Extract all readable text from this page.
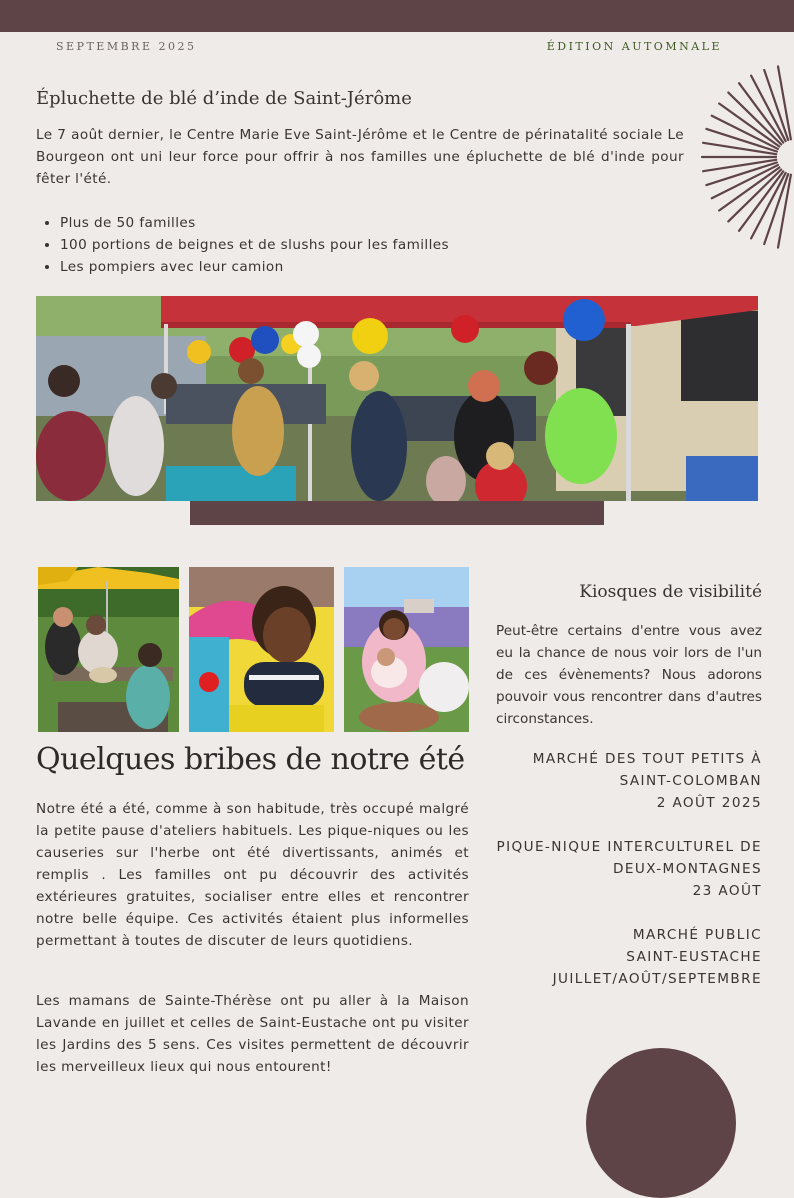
SEPTEMBRE 2025	ÉDITION AUTOMNALE
Épluchette de blé d’inde de Saint-Jérôme

Le 7 août dernier, le Centre Marie Eve Saint-Jérôme et le Centre de périnatalité sociale Le Bourgeon ont uni leur force pour offrir à nos familles une épluchette de blé d'inde pour fêter l'été.

• Plus de 50 familles
• 100 portions de beignes et de slushs pour les familles
• Les pompiers avec leur camion
Quelques bribes de notre été

Notre été a été, comme à son habitude, très occupé malgré la petite pause d'ateliers habituels. Les pique-niques ou les causeries sur l'herbe ont été divertissants, animés et remplis . Les familles ont pu découvrir des activités extérieures gratuites, socialiser entre elles et rencontrer notre belle équipe. Ces activités étaient plus informelles permettant à toutes de discuter de leurs quotidiens.

Les mamans de Sainte-Thérèse ont pu aller à la Maison Lavande en juillet et celles de Saint-Eustache ont pu visiter les Jardins des 5 sens. Ces visites permettent de découvrir les merveilleux lieux qui nous entourent!

Kiosques de visibilité

Peut-être certains d'entre vous avez eu la chance de nous voir lors de l'un de ces évènements? Nous adorons pouvoir vous rencontrer dans d'autres circonstances.

MARCHÉ DES TOUT PETITS À
SAINT-COLOMBAN
2 AOÛT 2025
PIQUE-NIQUE INTERCULTUREL DE
DEUX-MONTAGNES
23 AOÛT
MARCHÉ PUBLIC
SAINT-EUSTACHE
JUILLET/AOÛT/SEPTEMBRE
